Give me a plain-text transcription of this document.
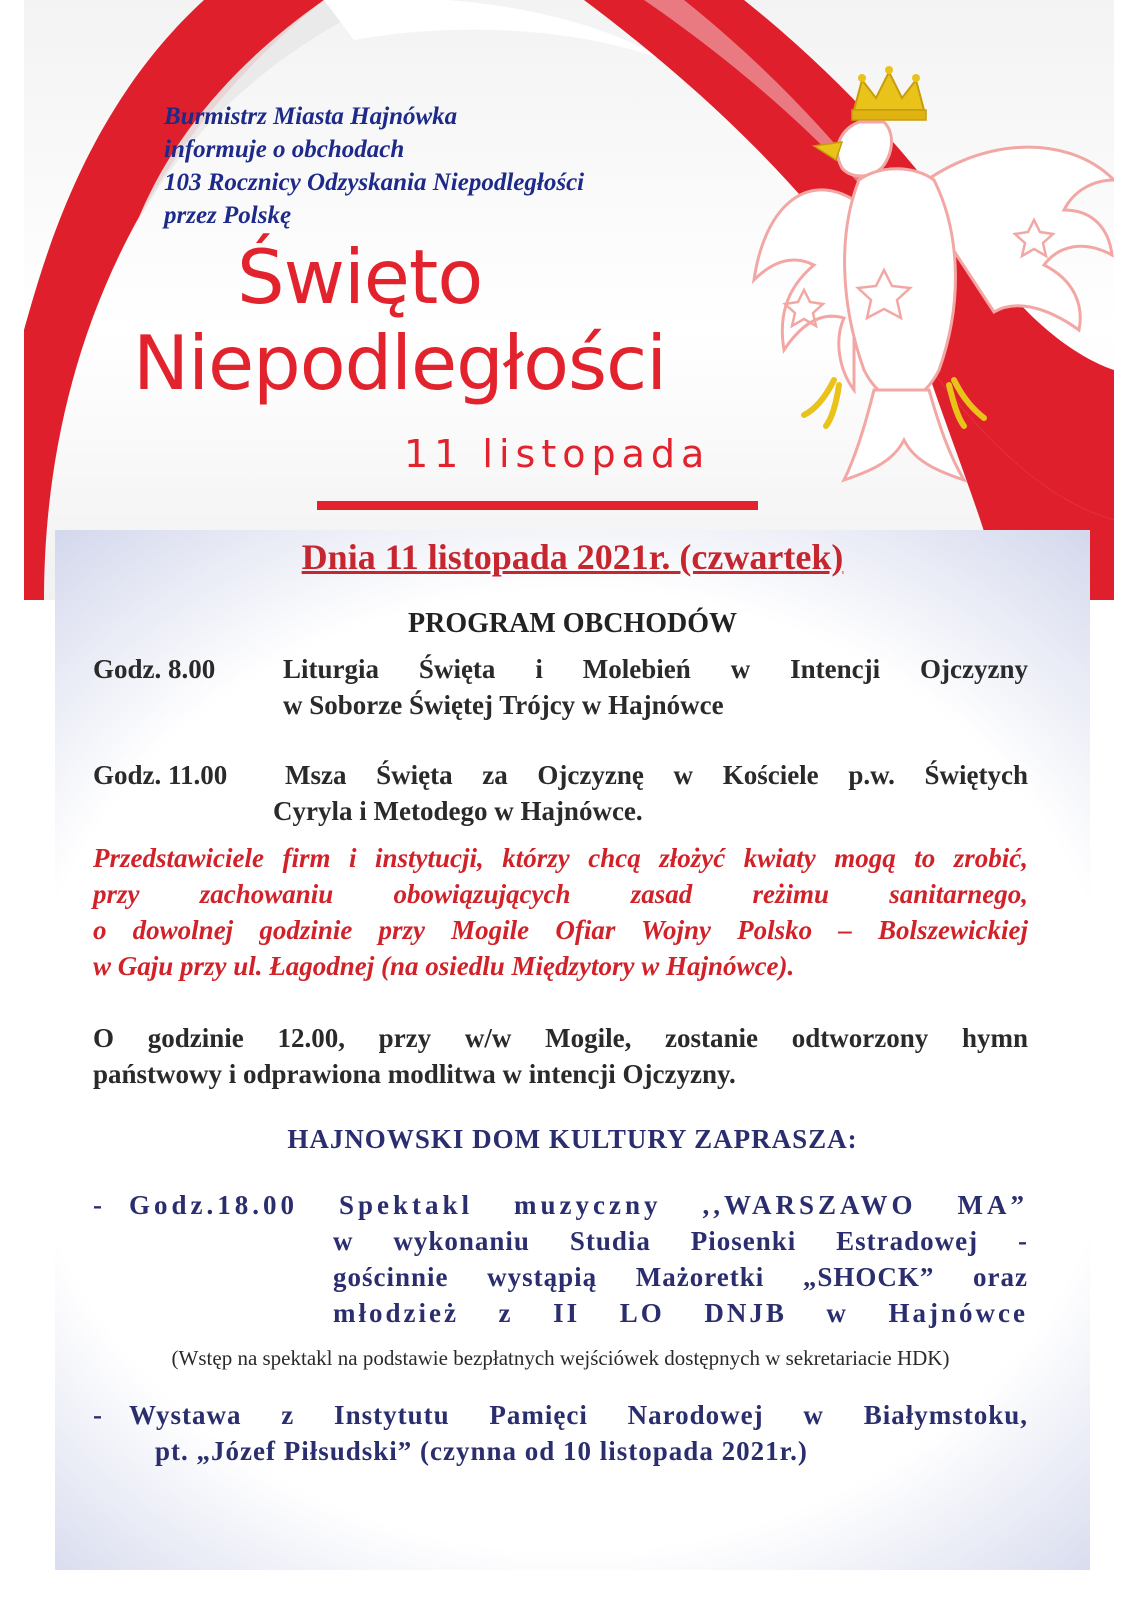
Burmistrz Miasta Hajnówka
informuje o obchodach
103 Rocznicy Odzyskania Niepodległości
przez Polskę
Święto
Niepodległości
11 listopada
Dnia 11 listopada 2021r. (czwartek)
PROGRAM OBCHODÓW
Godz. 8.00	Liturgia Święta i Molebień w Intencji Ojczyzny
w Soborze Świętej Trójcy w Hajnówce
Godz. 11.00 Msza Święta za Ojczyznę w Kościele p.w. Świętych
Cyryla i Metodego w Hajnówce.
Przedstawiciele firm i instytucji, którzy chcą złożyć kwiaty mogą to zrobić,
przy zachowaniu obowiązujących zasad reżimu sanitarnego,
o dowolnej godzinie przy Mogile Ofiar Wojny Polsko – Bolszewickiej
w Gaju przy ul. Łagodnej (na osiedlu Międzytory w Hajnówce).
O godzinie 12.00, przy w/w Mogile, zostanie odtworzony hymn
państwowy i odprawiona modlitwa w intencji Ojczyzny.
HAJNOWSKI DOM KULTURY ZAPRASZA:
- Godz.18.00 Spektakl muzyczny ,,WARSZAWO MA”
w wykonaniu Studia Piosenki Estradowej -
gościnnie wystąpią Mażoretki „SHOCK” oraz
młodzież z II LO DNJB w Hajnówce
(Wstęp na spektakl na podstawie bezpłatnych wejściówek dostępnych w sekretariacie HDK)
- Wystawa z Instytutu Pamięci Narodowej w Białymstoku,
pt. „Józef Piłsudski” (czynna od 10 listopada 2021r.)
